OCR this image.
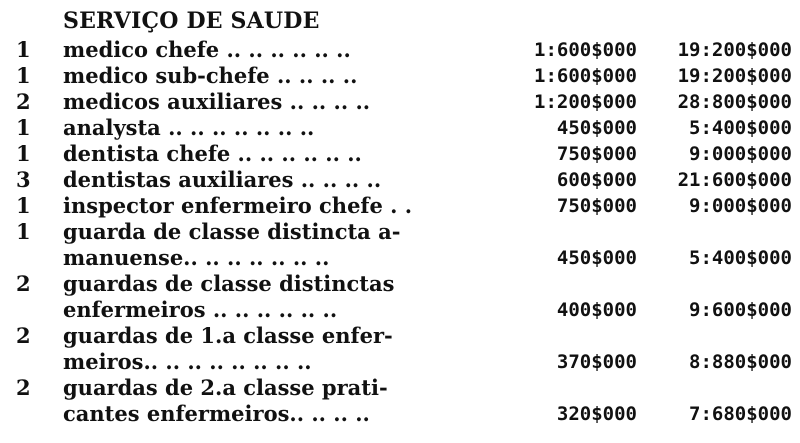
SERVIÇO DE SAUDE
1	medico chefe .. .. .. .. .. ..	1:600$000 19:200$000
1	medico sub-chefe .. .. .. ..	1:600$000 19:200$000
2	medicos auxiliares .. .. .. ..	1:200$000 28:800$000
1	analysta .. .. .. .. .. .. ..	450$000	5:400$000
1	dentista chefe .. .. .. .. .. ..	750$000	9:000$000
3	dentistas auxiliares .. .. .. ..	600$000 21:600$000
1	inspector enfermeiro chefe . .	750$000	9:000$000
1	guarda de classe distincta a-
manuense.. .. .. .. .. .. ..	450$000	5:400$000
2	guardas de classe distinctas
enfermeiros .. .. .. .. .. ..	400$000	9:600$000
2	guardas de 1.a classe enfer-
meiros.. .. .. .. .. .. .. ..	370$000	8:880$000
2	guardas de 2.a classe prati-
cantes enfermeiros.. .. .. ..	320$000	7:680$000
